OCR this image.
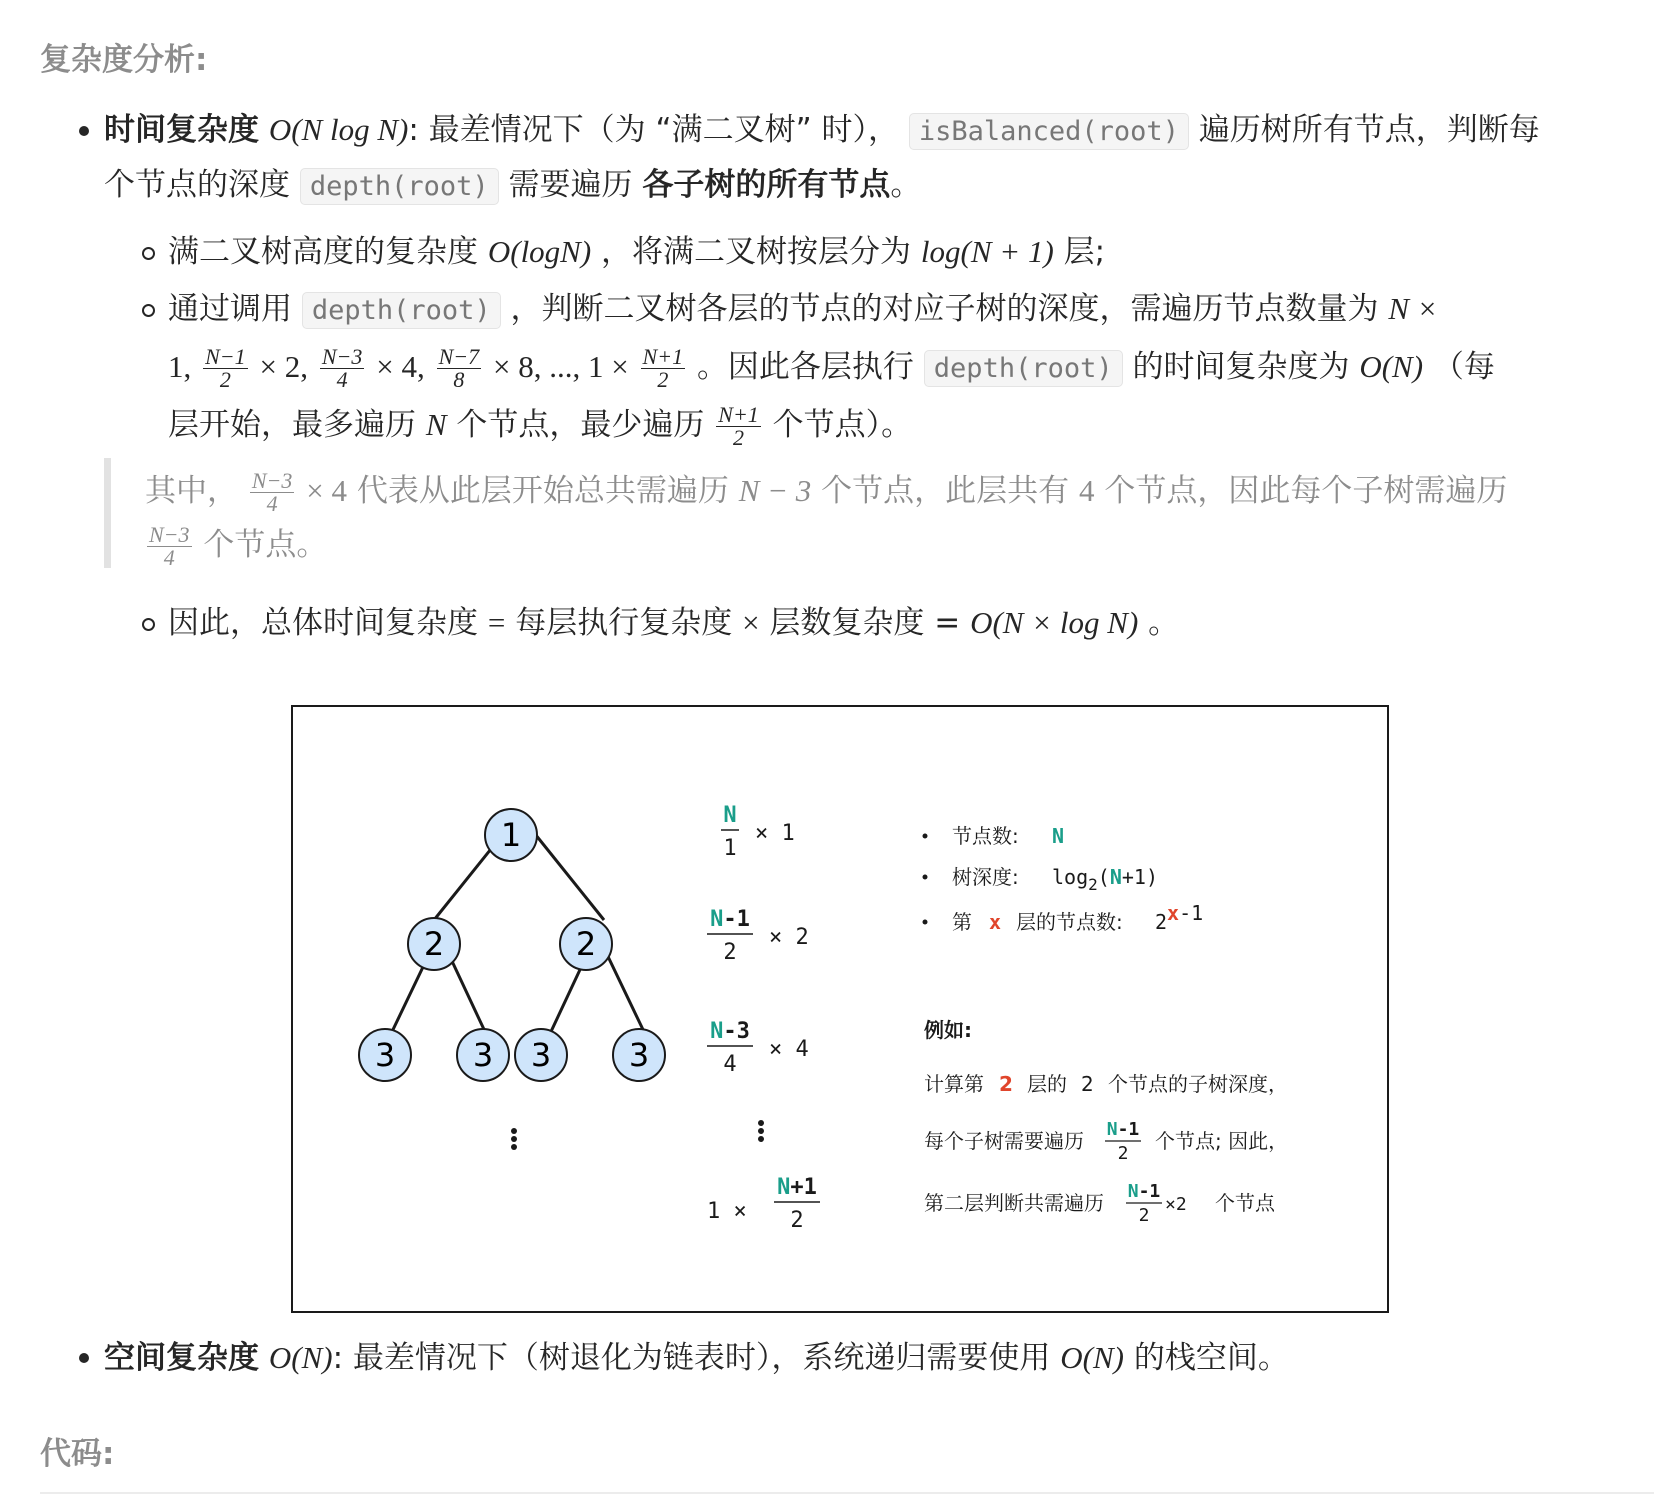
复杂度分析:
时间复杂度 O(N log N): 最差情况下（为 “满二叉树” 时）， isBalanced(root) 遍历树所有节点，判断每
个节点的深度 depth(root) 需要遍历 各子树的所有节点。
满二叉树高度的复杂度 O(logN) ，将满二叉树按层分为 log(N + 1) 层;
通过调用 depth(root) ，判断二叉树各层的节点的对应子树的深度，需遍历节点数量为 N ×
1, $\frac{N-1}{2} \times 2$, $\frac{N-3}{4} \times 4$, $\frac{N-7}{8} \times 8$, ..., $1 \times \frac{N+1}{2}$ 。因此各层执行 depth(root) 的时间复杂度为 O(N) （每
层开始，最多遍历 N 个节点，最少遍历 $\frac{N+1}{2}$ 个节点）。
其中， $\frac{N-3}{4} \times 4$ 代表从此层开始总共需遍历 N − 3 个节点，此层共有 4 个节点，因此每个子树需遍历
$\frac{N-3}{4}$ 个节点。
因此，总体时间复杂度 = 每层执行复杂度 × 层数复杂度 = O(N × log N) 。
1
2	2
3 3 3 3
N
1
× 1
N-1
2
× 2
N-3
4
× 4
1 ×
N+1
2
节点数: N
树深度: $\log_2(N+1)$
第 x 层的节点数: 2x-1
例如:
计算第 2 层的 2 个节点的子树深度，
每个子树需要遍历 N-1
2
个节点; 因此，
第二层判断共需遍历 N-1
2
×2 个节点
空间复杂度 O(N): 最差情况下（树退化为链表时），系统递归需要使用 O(N) 的栈空间。
代码:
